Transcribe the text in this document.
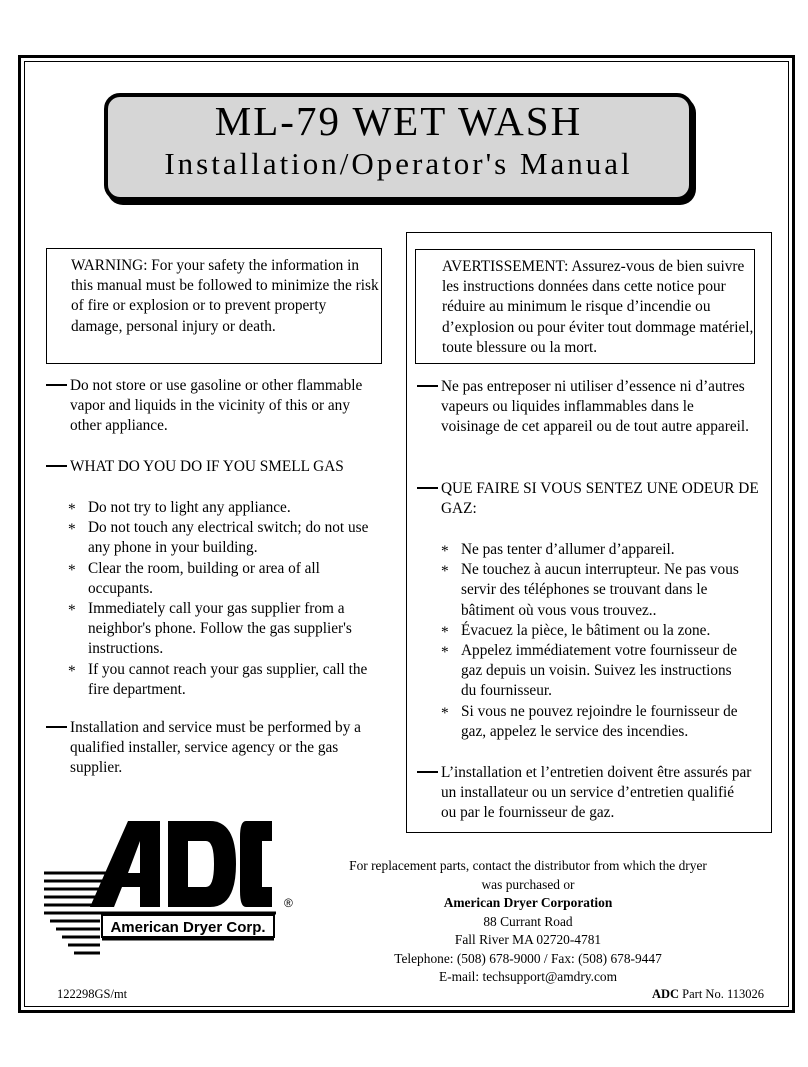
ML-79 WET WASH
Installation/Operator's Manual
WARNING: For your safety the information in this manual must be followed to minimize the risk of fire or explosion or to prevent property damage, personal injury or death.
Do not store or use gasoline or other flammable vapor and liquids in the vicinity of this or any other appliance.
WHAT DO YOU DO IF YOU SMELL GAS
* Do not try to light any appliance.
* Do not touch any electrical switch; do not use any phone in your building.
* Clear the room, building or area of all occupants.
* Immediately call your gas supplier from a neighbor's phone. Follow the gas supplier's instructions.
* If you cannot reach your gas supplier, call the fire department.
Installation and service must be performed by a qualified installer, service agency or the gas supplier.
AVERTISSEMENT: Assurez-vous de bien suivre les instructions données dans cette notice pour réduire au minimum le risque d’incendie ou d’explosion ou pour éviter tout dommage matériel, toute blessure ou la mort.
Ne pas entreposer ni utiliser d’essence ni d’autres vapeurs ou liquides inflammables dans le voisinage de cet appareil ou de tout autre appareil.
QUE FAIRE SI VOUS SENTEZ UNE ODEUR DE GAZ:
* Ne pas tenter d’allumer d’appareil.
* Ne touchez à aucun interrupteur. Ne pas vous servir des téléphones se trouvant dans le bâtiment où vous vous trouvez..
* Évacuez la pièce, le bâtiment ou la zone.
* Appelez immédiatement votre fournisseur de gaz depuis un voisin. Suivez les instructions du fournisseur.
* Si vous ne pouvez rejoindre le fournisseur de gaz, appelez le service des incendies.
L’installation et l’entretien doivent être assurés par un installateur ou un service d’entretien qualifié ou par le fournisseur de gaz.
American Dryer Corp.
®
For replacement parts, contact the distributor from which the dryer
was purchased or
American Dryer Corporation
88 Currant Road
Fall River MA 02720-4781
Telephone: (508) 678-9000 / Fax: (508) 678-9447
E-mail: techsupport@amdry.com
122298GS/mt	ADC Part No. 113026
